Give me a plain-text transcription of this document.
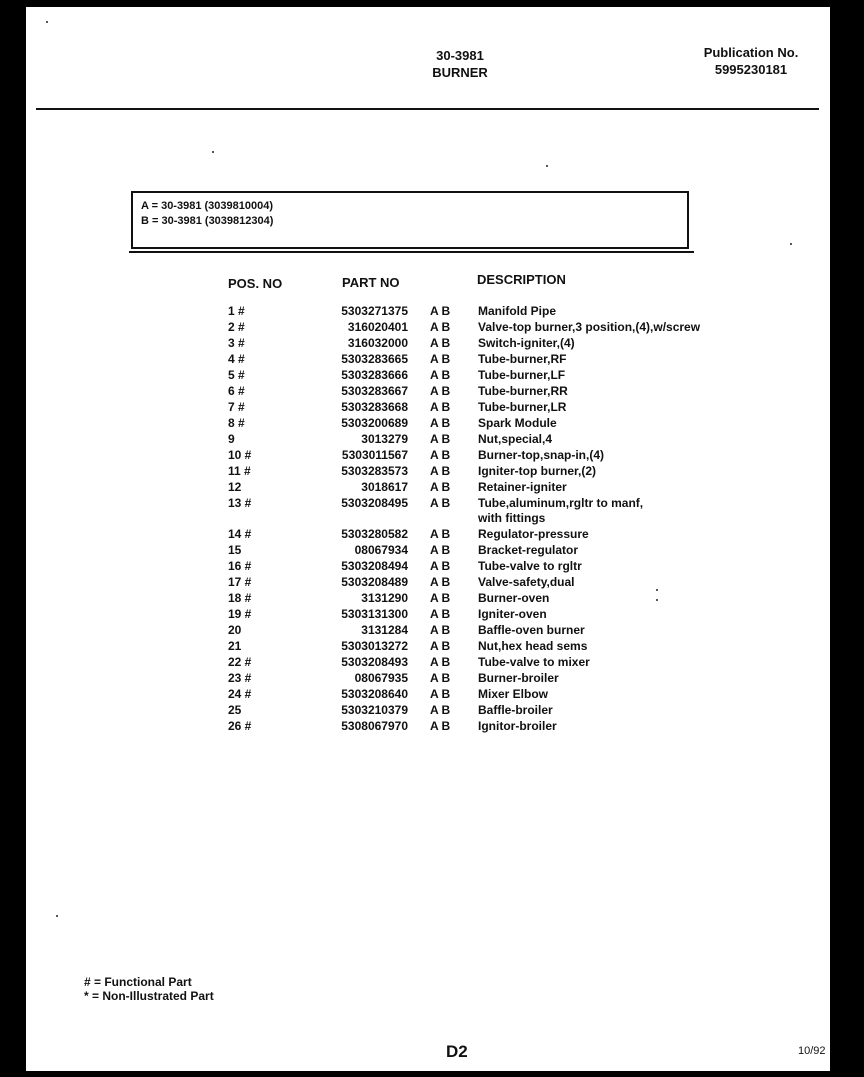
30-3981
BURNER
Publication No.
5995230181
A = 30-3981 (3039810004)
B = 30-3981 (3039812304)
POS. NO	PART NO	DESCRIPTION
1 #	5303271375 A B	Manifold Pipe
2 #	316020401 A B	Valve-top burner,3 position,(4),w/screw
3 #	316032000 A B	Switch-igniter,(4)
4 #	5303283665 A B	Tube-burner,RF
5 #	5303283666 A B	Tube-burner,LF
6 #	5303283667 A B	Tube-burner,RR
7 #	5303283668 A B	Tube-burner,LR
8 #	5303200689 A B	Spark Module
9	3013279 A B	Nut,special,4
10 #	5303011567 A B	Burner-top,snap-in,(4)
11 #	5303283573 A B	Igniter-top burner,(2)
12	3018617 A B	Retainer-igniter
13 #	5303208495 A B	Tube,aluminum,rgltr to manf,
with fittings
14 #	5303280582 A B	Regulator-pressure
15	08067934 A B	Bracket-regulator
16 #	5303208494 A B	Tube-valve to rgltr
17 #	5303208489 A B	Valve-safety,dual
18 #	3131290 A B	Burner-oven
19 #	5303131300 A B	Igniter-oven
20	3131284 A B	Baffle-oven burner
21	5303013272 A B	Nut,hex head sems
22 #	5303208493 A B	Tube-valve to mixer
23 #	08067935 A B	Burner-broiler
24 #	5303208640 A B	Mixer Elbow
25	5303210379 A B	Baffle-broiler
26 #	5308067970 A B	Ignitor-broiler
# = Functional Part
* = Non-Illustrated Part
D2	10/92
